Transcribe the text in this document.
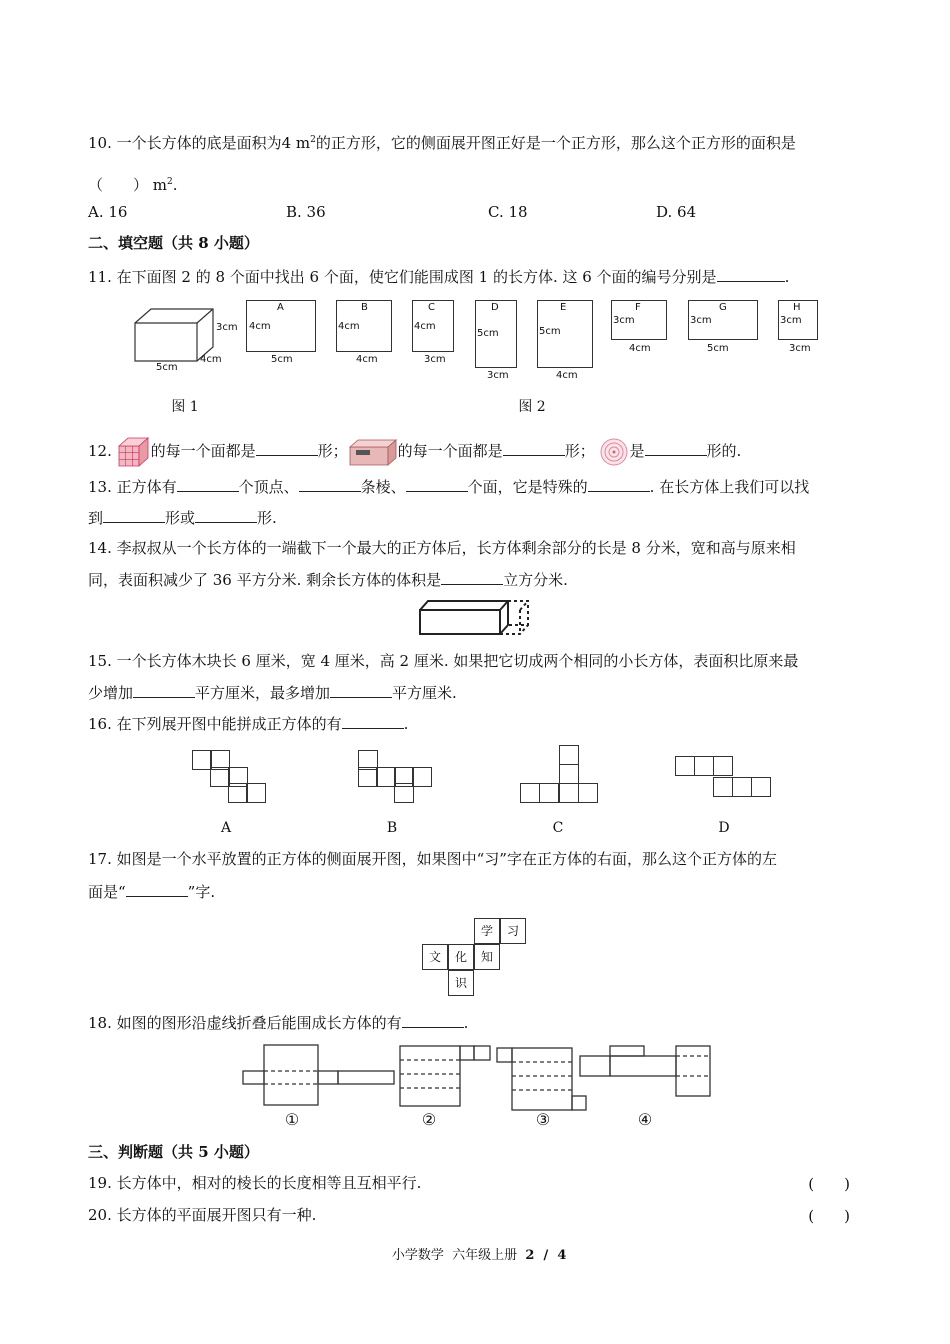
10. 一个长方体的底是面积为4 $m^2$的正方形，它的侧面展开图正好是一个正方形，那么这个正方形的面积是
（　　） $m^2$.
A. 16	B. 36	C. 18	D. 64
二、填空题（共 8 小题）
11. 在下面图 2 的 8 个面中找出 6 个面，使它们能围成图 1 的长方体. 这 6 个面的编号分别是	.
3cm
4cm
5cm
A
4cm
5cm
B
4cm
4cm
C
4cm
3cm
D
5cm
3cm
E
5cm
4cm
F
3cm
4cm
G
3cm
5cm
H
3cm
3cm
图 1	图 2
12.	的每一个面都是	形；	的每一个面都是	形； 是	形的.
13. 正方体有	个顶点、	条棱、	个面，它是特殊的	. 在长方体上我们可以找
到	形或	形.
14. 李叔叔从一个长方体的一端截下一个最大的正方体后，长方体剩余部分的长是 8 分米，宽和高与原来相
同，表面积减少了 36 平方分米. 剩余长方体的体积是	立方分米.
15. 一个长方体木块长 6 厘米，宽 4 厘米，高 2 厘米. 如果把它切成两个相同的小长方体，表面积比原来最
少增加	平方厘米，最多增加	平方厘米.
16. 在下列展开图中能拼成正方体的有	.
A	B	C	D
17. 如图是一个水平放置的正方体的侧面展开图，如果图中“习”字在正方体的右面，那么这个正方体的左
面是“	”字.
学	习
文	化	知
识
18. 如图的图形沿虚线折叠后能围成长方体的有	.
①	②	③	④
三、判断题（共 5 小题）
19. 长方体中，相对的棱长的长度相等且互相平行.	(　　)
20. 长方体的平面展开图只有一种.	(　　)

小学数学  六年级上册  2  /  4
